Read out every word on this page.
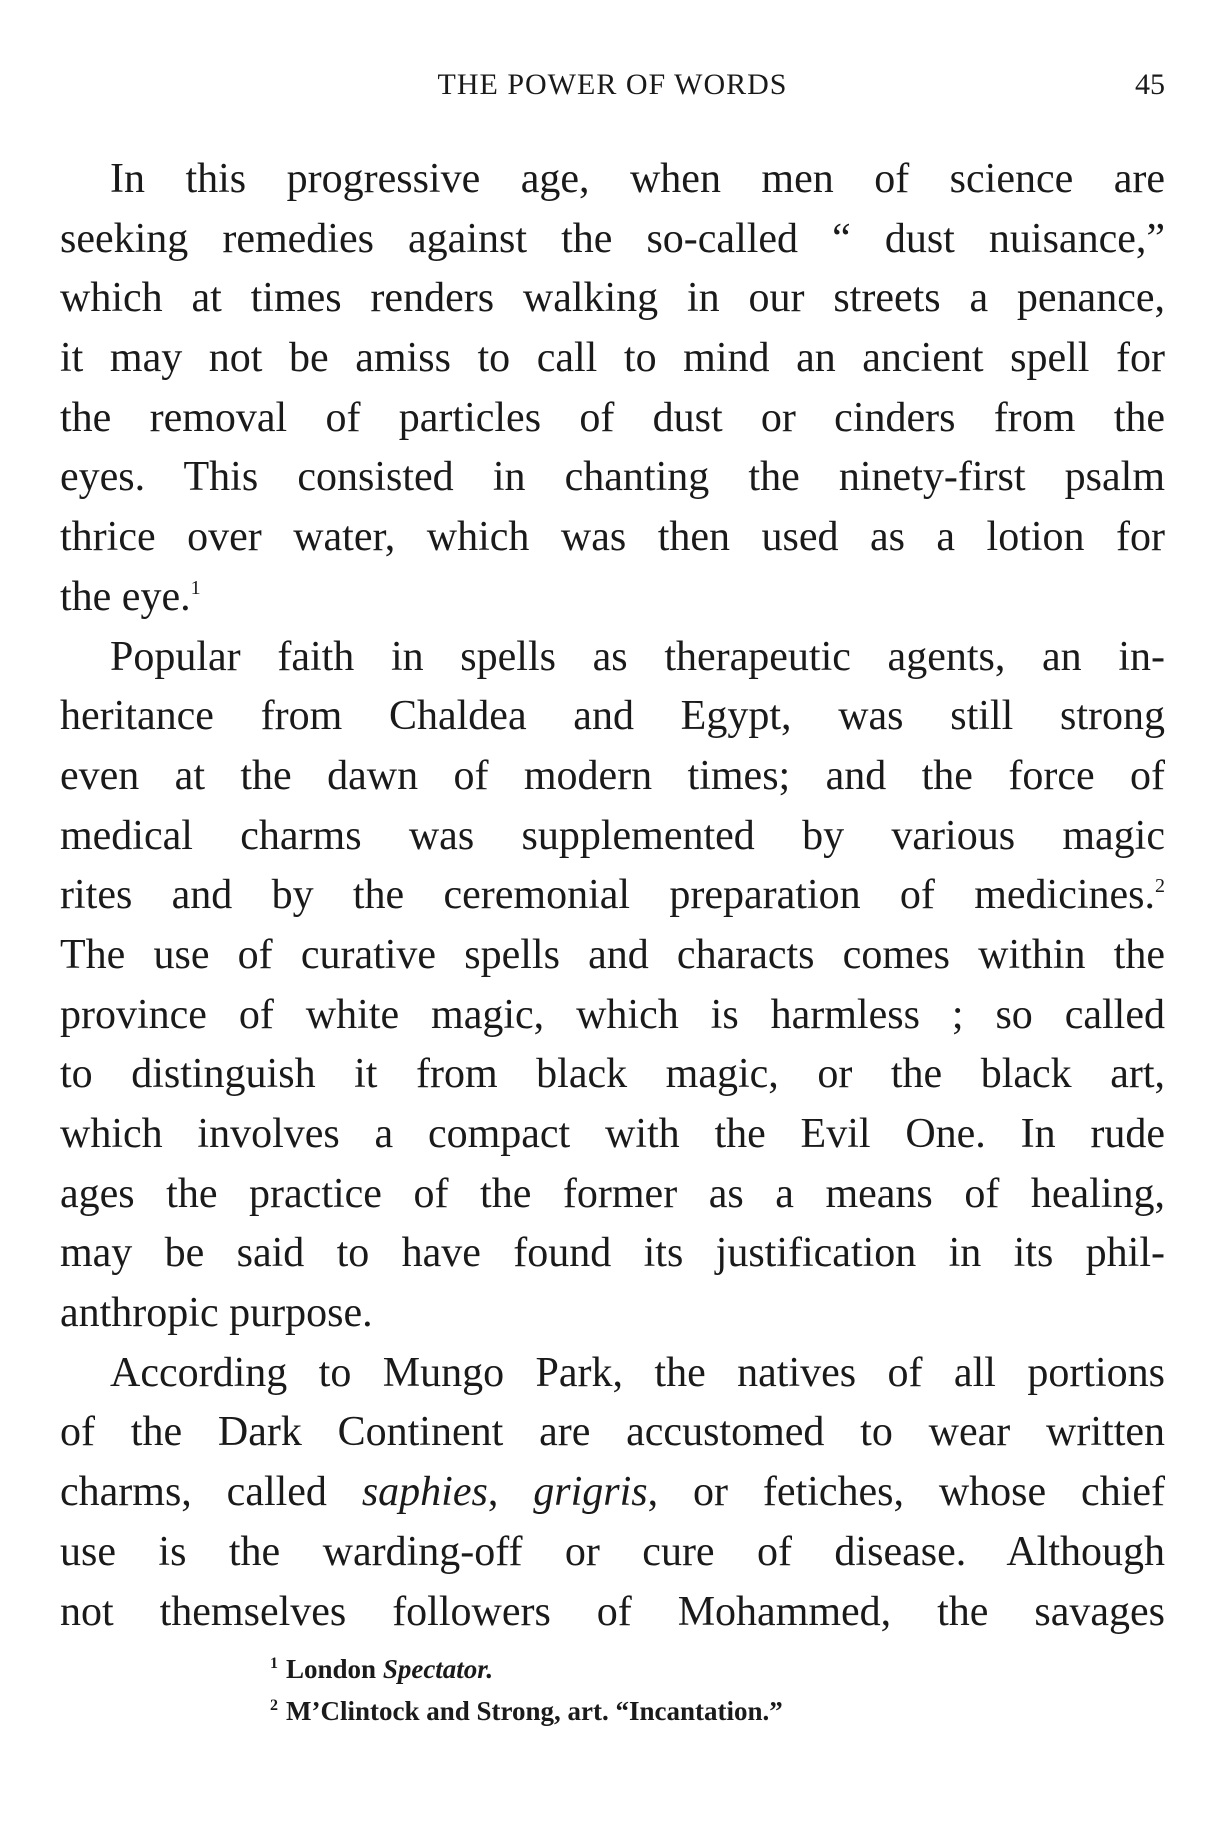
THE POWER OF WORDS	45
In this progressive age, when men of science are
seeking remedies against the so-called “ dust nuisance,”
which at times renders walking in our streets a penance,
it may not be amiss to call to mind an ancient spell for
the removal of particles of dust or cinders from the
eyes. This consisted in chanting the ninety-first psalm
thrice over water, which was then used as a lotion for
the eye.$^1$
Popular faith in spells as therapeutic agents, an in-
heritance from Chaldea and Egypt, was still strong
even at the dawn of modern times; and the force of
medical charms was supplemented by various magic
rites and by the ceremonial preparation of medicines.$^2$
The use of curative spells and characts comes within the
province of white magic, which is harmless ; so called
to distinguish it from black magic, or the black art,
which involves a compact with the Evil One. In rude
ages the practice of the former as a means of healing,
may be said to have found its justification in its phil-
anthropic purpose.
According to Mungo Park, the natives of all portions
of the Dark Continent are accustomed to wear written
charms, called saphies, grigris, or fetiches, whose chief
use is the warding-off or cure of disease. Although
not themselves followers of Mohammed, the savages
$^1$ London Spectator.
$^2$ M’Clintock and Strong, art. “Incantation.”
